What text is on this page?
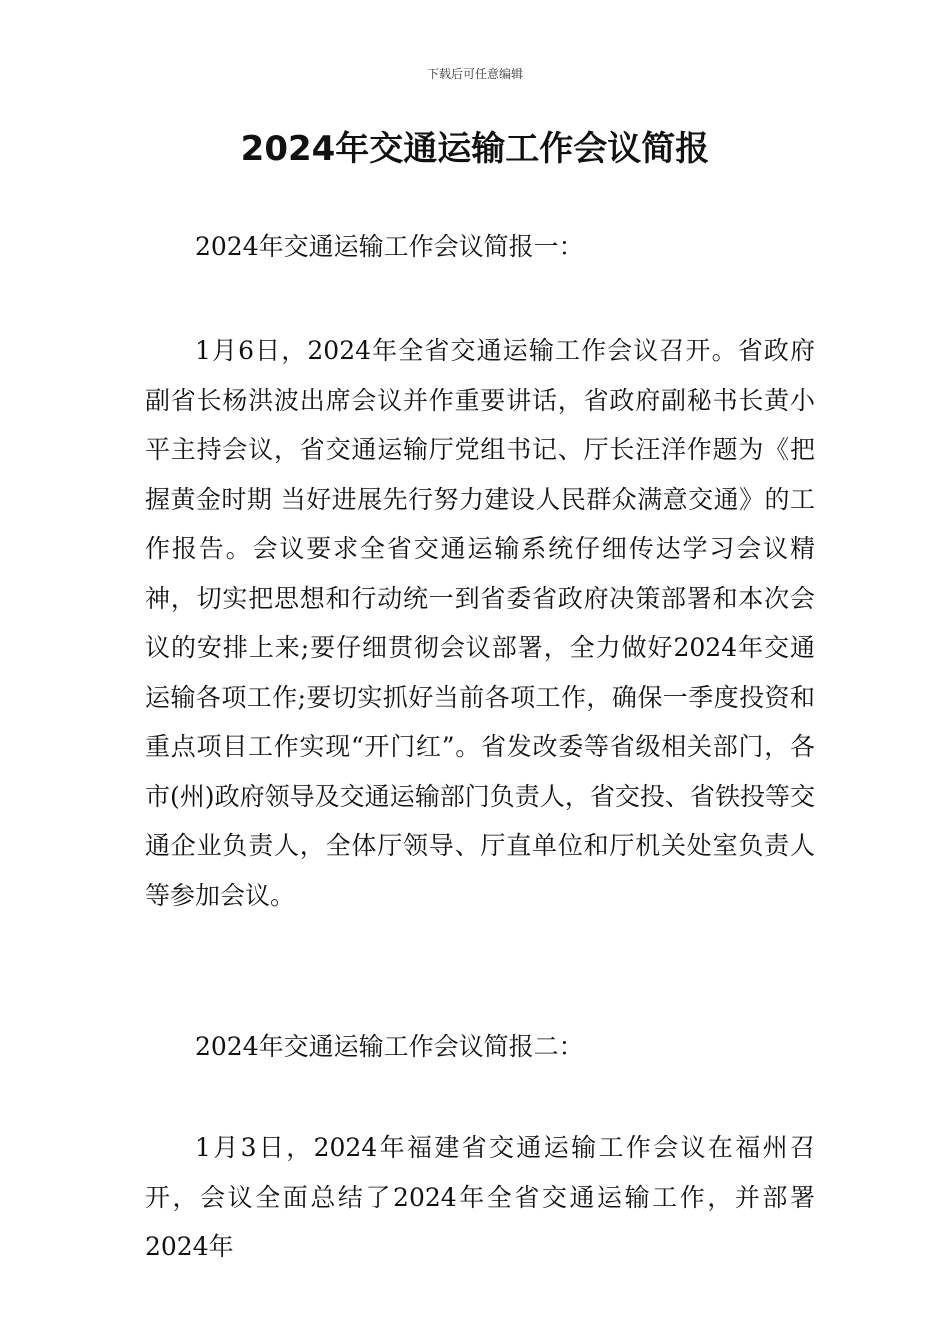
下载后可任意编辑
2024年交通运输工作会议简报

2024年交通运输工作会议简报一：

1月6日，2024年全省交通运输工作会议召开。省政府副省长杨洪波出席会议并作重要讲话，省政府副秘书长黄小平主持会议，省交通运输厅党组书记、厅长汪洋作题为《把握黄金时期 当好进展先行努力建设人民群众满意交通》的工作报告。会议要求全省交通运输系统仔细传达学习会议精神，切实把思想和行动统一到省委省政府决策部署和本次会议的安排上来;要仔细贯彻会议部署，全力做好2024年交通运输各项工作;要切实抓好当前各项工作，确保一季度投资和重点项目工作实现“开门红”。省发改委等省级相关部门，各市(州)政府领导及交通运输部门负责人，省交投、省铁投等交通企业负责人，全体厅领导、厅直单位和厅机关处室负责人等参加会议。

2024年交通运输工作会议简报二：

1月3日，2024年福建省交通运输工作会议在福州召开，会议全面总结了2024年全省交通运输工作，并部署2024年
